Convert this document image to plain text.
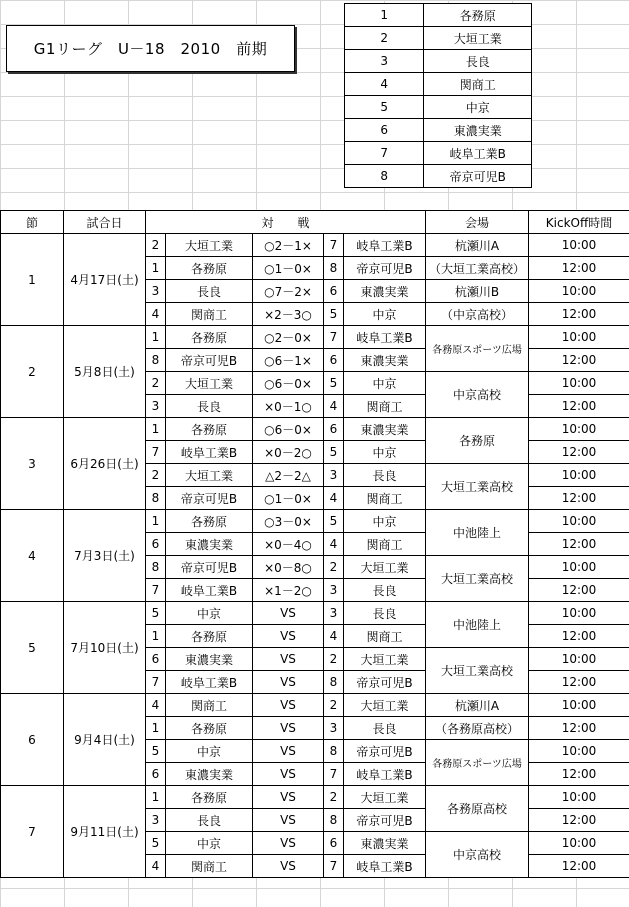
G1リーグ　U－18　2010　前期
1	各務原
2	大垣工業
3	長良
4	関商工
5	中京
6	東濃実業
7	岐阜工業B
8	帝京可児B
節	試合日	対　　戦					会場	KickOff時間
1	4月17日(土)	2	大垣工業	○2－1×	7	岐阜工業B	杭瀬川A	10:00
		1	各務原	○1－0×	8	帝京可児B	（大垣工業高校）	12:00
		3	長良	○7－2×	6	東濃実業	杭瀬川B	10:00
		4	関商工	×2－3○	5	中京	（中京高校）	12:00
2	5月8日(土)	1	各務原	○2－0×	7	岐阜工業B	各務原スポーツ広場	10:00
		8	帝京可児B	○6－1×	6	東濃実業		12:00
		2	大垣工業	○6－0×	5	中京	中京高校	10:00
		3	長良	×0－1○	4	関商工		12:00
3	6月26日(土)	1	各務原	○6－0×	6	東濃実業	各務原	10:00
		7	岐阜工業B	×0－2○	5	中京		12:00
		2	大垣工業	△2－2△	3	長良	大垣工業高校	10:00
		8	帝京可児B	○1－0×	4	関商工		12:00
4	7月3日(土)	1	各務原	○3－0×	5	中京	中池陸上	10:00
		6	東濃実業	×0－4○	4	関商工		12:00
		8	帝京可児B	×0－8○	2	大垣工業	大垣工業高校	10:00
		7	岐阜工業B	×1－2○	3	長良		12:00
5	7月10日(土)	5	中京	VS	3	長良	中池陸上	10:00
		1	各務原	VS	4	関商工		12:00
		6	東濃実業	VS	2	大垣工業	大垣工業高校	10:00
		7	岐阜工業B	VS	8	帝京可児B		12:00
6	9月4日(土)	4	関商工	VS	2	大垣工業	杭瀬川A	10:00
		1	各務原	VS	3	長良	（各務原高校）	12:00
		5	中京	VS	8	帝京可児B	各務原スポーツ広場	10:00
		6	東濃実業	VS	7	岐阜工業B		12:00
7	9月11日(土)	1	各務原	VS	2	大垣工業	各務原高校	10:00
		3	長良	VS	8	帝京可児B		12:00
		5	中京	VS	6	東濃実業	中京高校	10:00
		4	関商工	VS	7	岐阜工業B		12:00
